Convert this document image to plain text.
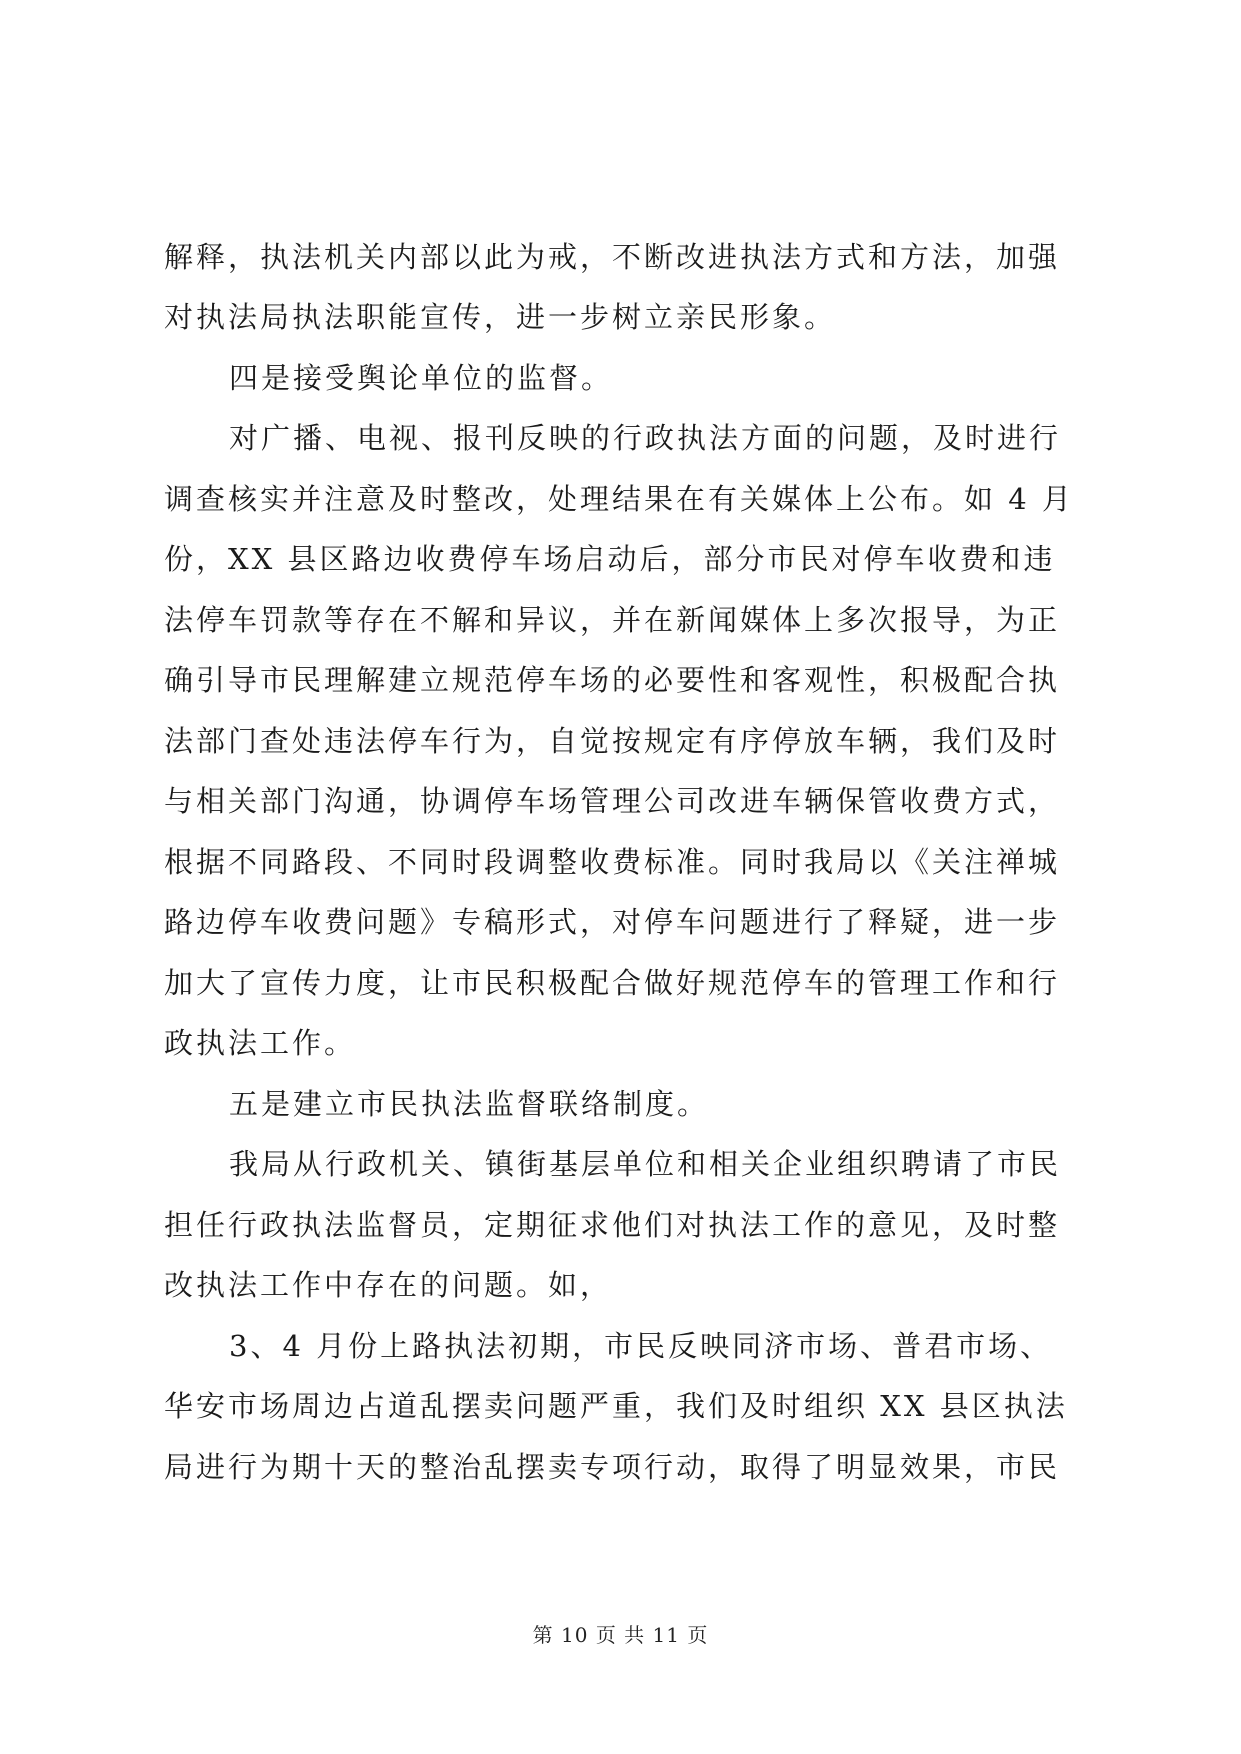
解释，执法机关内部以此为戒，不断改进执法方式和方法，加强
对执法局执法职能宣传，进一步树立亲民形象。
四是接受舆论单位的监督。
对广播、电视、报刊反映的行政执法方面的问题，及时进行
调查核实并注意及时整改，处理结果在有关媒体上公布。如 4 月
份，XX 县区路边收费停车场启动后，部分市民对停车收费和违
法停车罚款等存在不解和异议，并在新闻媒体上多次报导，为正
确引导市民理解建立规范停车场的必要性和客观性，积极配合执
法部门查处违法停车行为，自觉按规定有序停放车辆，我们及时
与相关部门沟通，协调停车场管理公司改进车辆保管收费方式，
根据不同路段、不同时段调整收费标准。同时我局以《关注禅城
路边停车收费问题》专稿形式，对停车问题进行了释疑，进一步
加大了宣传力度，让市民积极配合做好规范停车的管理工作和行
政执法工作。
五是建立市民执法监督联络制度。
我局从行政机关、镇街基层单位和相关企业组织聘请了市民
担任行政执法监督员，定期征求他们对执法工作的意见，及时整
改执法工作中存在的问题。如，
3、4 月份上路执法初期，市民反映同济市场、普君市场、
华安市场周边占道乱摆卖问题严重，我们及时组织 XX 县区执法
局进行为期十天的整治乱摆卖专项行动，取得了明显效果，市民
第 10 页 共 11 页
